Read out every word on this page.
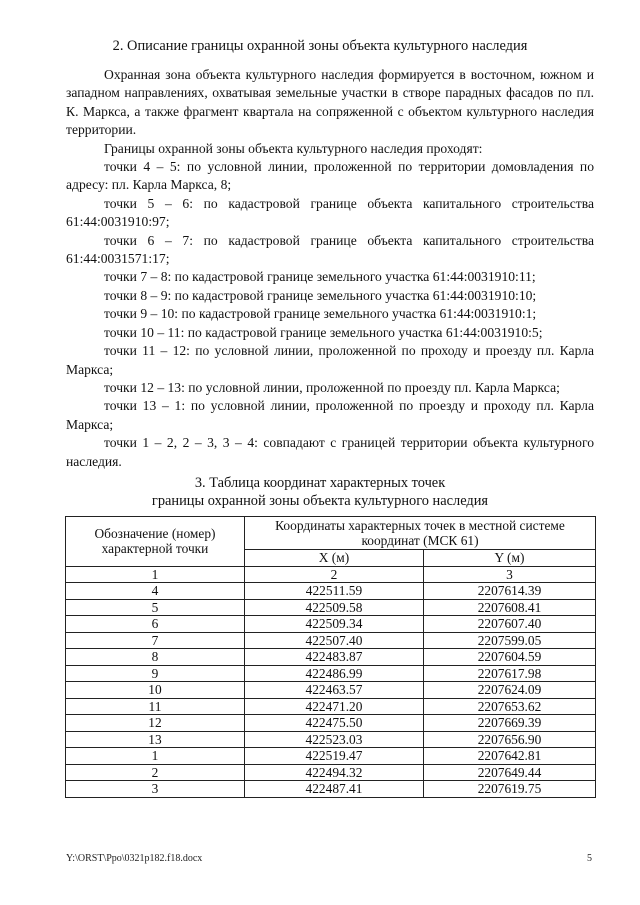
2. Описание границы охранной зоны объекта культурного наследия

Охранная зона объекта культурного наследия формируется в восточном, южном и западном направлениях, охватывая земельные участки в створе парадных фасадов по пл. К. Маркса, а также фрагмент квартала на сопряженной с объектом культурного наследия территории.

Границы охранной зоны объекта культурного наследия проходят:

точки 4 – 5: по условной линии, проложенной по территории домовладения по адресу: пл. Карла Маркса, 8;

точки 5 – 6: по кадастровой границе объекта капитального строительства 61:44:0031910:97;

точки 6 – 7: по кадастровой границе объекта капитального строительства 61:44:0031571:17;

точки 7 – 8: по кадастровой границе земельного участка 61:44:0031910:11;

точки 8 – 9: по кадастровой границе земельного участка 61:44:0031910:10;

точки 9 – 10: по кадастровой границе земельного участка 61:44:0031910:1;

точки 10 – 11: по кадастровой границе земельного участка 61:44:0031910:5;

точки 11 – 12: по условной линии, проложенной по проходу и проезду пл. Карла Маркса;

точки 12 – 13: по условной линии, проложенной по проезду пл. Карла Маркса;

точки 13 – 1: по условной линии, проложенной по проезду и проходу пл. Карла Маркса;

точки 1 – 2, 2 – 3, 3 – 4: совпадают с границей территории объекта культурного наследия.

3. Таблица координат характерных точек
границы охранной зоны объекта культурного наследия
Обозначение (номер) характерной точки	Координаты характерных точек в местной системе координат (МСК 61)	
	X (м)	Y (м)
1	2	3
4	422511.59	2207614.39
5	422509.58	2207608.41
6	422509.34	2207607.40
7	422507.40	2207599.05
8	422483.87	2207604.59
9	422486.99	2207617.98
10	422463.57	2207624.09
11	422471.20	2207653.62
12	422475.50	2207669.39
13	422523.03	2207656.90
1	422519.47	2207642.81
2	422494.32	2207649.44
3	422487.41	2207619.75
Y:\ORST\Рро\0321p182.f18.docx	5
